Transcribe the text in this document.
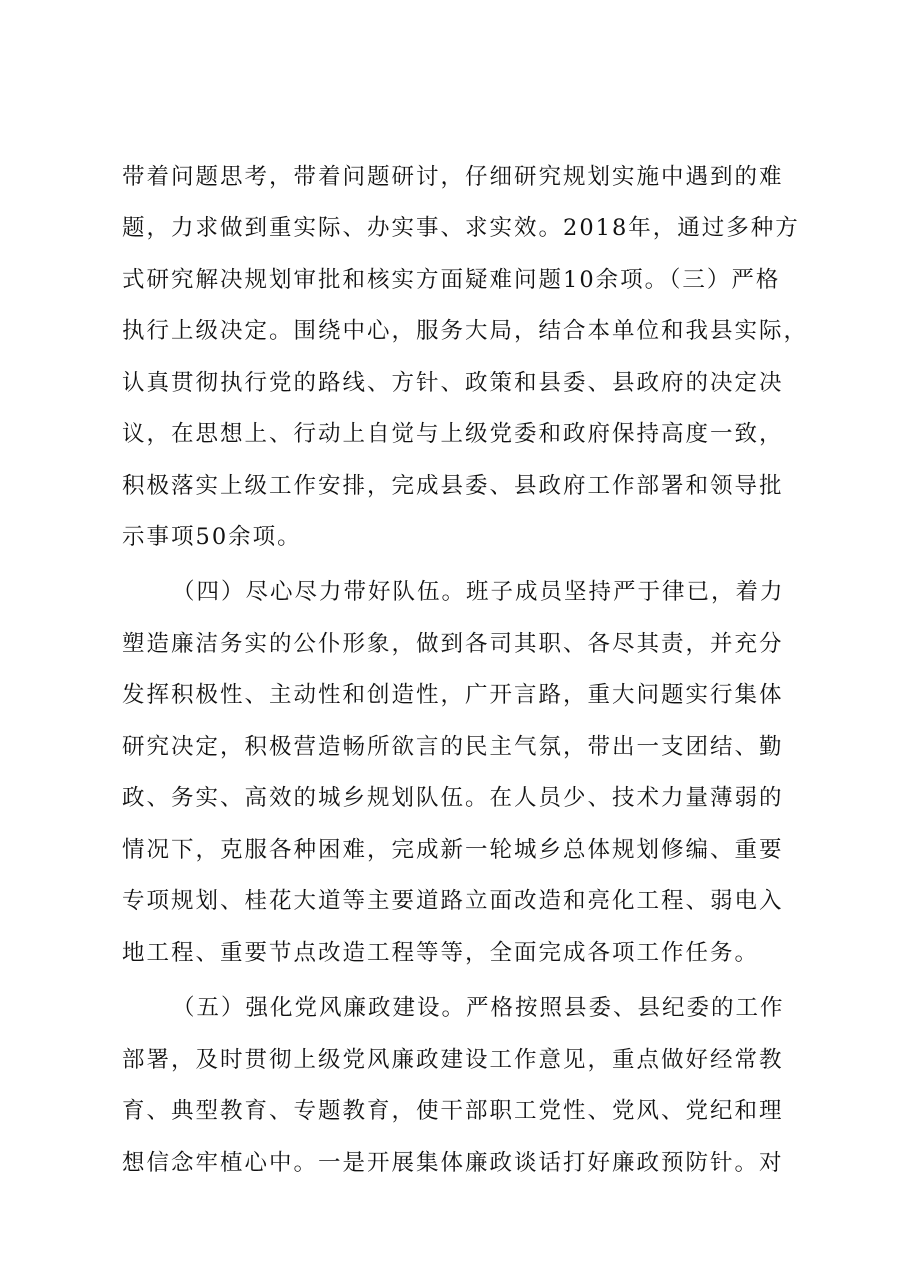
带着问题思考，带着问题研讨，仔细研究规划实施中遇到的难
题，力求做到重实际、办实事、求实效。2018年，通过多种方
式研究解决规划审批和核实方面疑难问题10余项。（三）严格
执行上级决定。围绕中心，服务大局，结合本单位和我县实际，
认真贯彻执行党的路线、方针、政策和县委、县政府的决定决
议，在思想上、行动上自觉与上级党委和政府保持高度一致，
积极落实上级工作安排，完成县委、县政府工作部署和领导批
示事项50余项。
（四）尽心尽力带好队伍。班子成员坚持严于律已，着力
塑造廉洁务实的公仆形象，做到各司其职、各尽其责，并充分
发挥积极性、主动性和创造性，广开言路，重大问题实行集体
研究决定，积极营造畅所欲言的民主气氛，带出一支团结、勤
政、务实、高效的城乡规划队伍。在人员少、技术力量薄弱的
情况下，克服各种困难，完成新一轮城乡总体规划修编、重要
专项规划、桂花大道等主要道路立面改造和亮化工程、弱电入
地工程、重要节点改造工程等等，全面完成各项工作任务。
（五）强化党风廉政建设。严格按照县委、县纪委的工作
部署，及时贯彻上级党风廉政建设工作意见，重点做好经常教
育、典型教育、专题教育，使干部职工党性、党风、党纪和理
想信念牢植心中。一是开展集体廉政谈话打好廉政预防针。对
